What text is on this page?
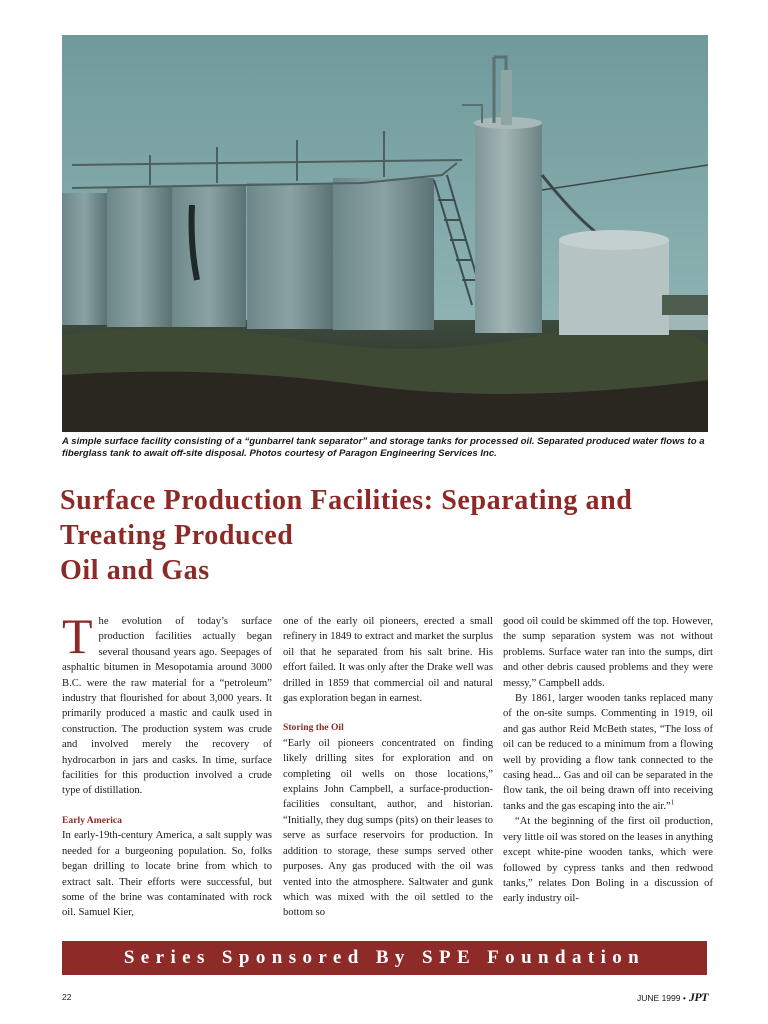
A simple surface facility consisting of a “gunbarrel tank separator” and storage tanks for processed oil. Separated produced water flows to a fiberglass tank to await off-site disposal. Photos courtesy of Paragon Engineering Services Inc.
Surface Production Facilities: Separating and
Treating Produced
Oil and Gas

The evolution of today’s surface production facilities actually began several thousand years ago. Seepages of asphaltic bitumen in Mesopotamia around 3000 B.C. were the raw material for a “petroleum” industry that flourished for about 3,000 years. It primarily produced a mastic and caulk used in construction. The production system was crude and involved merely the recovery of hydrocarbon in jars and casks. In time, surface facilities for this production involved a crude type of distillation.

Early America

In early-19th-century America, a salt supply was needed for a burgeoning population. So, folks began drilling to locate brine from which to extract salt. Their efforts were successful, but some of the brine was contaminated with rock oil. Samuel Kier,

one of the early oil pioneers, erected a small refinery in 1849 to extract and market the surplus oil that he separated from his salt brine. His effort failed. It was only after the Drake well was drilled in 1859 that commercial oil and natural gas exploration began in earnest.

Storing the Oil

“Early oil pioneers concentrated on finding likely drilling sites for exploration and on completing oil wells on those locations,” explains John Campbell, a surface-production-facilities consultant, author, and historian. “Initially, they dug sumps (pits) on their leases to serve as surface reservoirs for production. In addition to storage, these sumps served other purposes. Any gas produced with the oil was vented into the atmosphere. Saltwater and gunk which was mixed with the oil settled to the bottom so

good oil could be skimmed off the top. However, the sump separation system was not without problems. Surface water ran into the sumps, dirt and other debris caused problems and they were messy,” Campbell adds.

By 1861, larger wooden tanks replaced many of the on-site sumps. Commenting in 1919, oil and gas author Reid McBeth states, “The loss of oil can be reduced to a minimum from a flowing well by providing a flow tank connected to the casing head... Gas and oil can be separated in the flow tank, the oil being drawn off into receiving tanks and the gas escaping into the air.”$^1$

“At the beginning of the first oil production, very little oil was stored on the leases in anything except white-pine wooden tanks, which were followed by cypress tanks and then redwood tanks,” relates Don Boling in a discussion of early industry oil-

Series Sponsored By SPE Foundation
22	JUNE 1999 • JPT
